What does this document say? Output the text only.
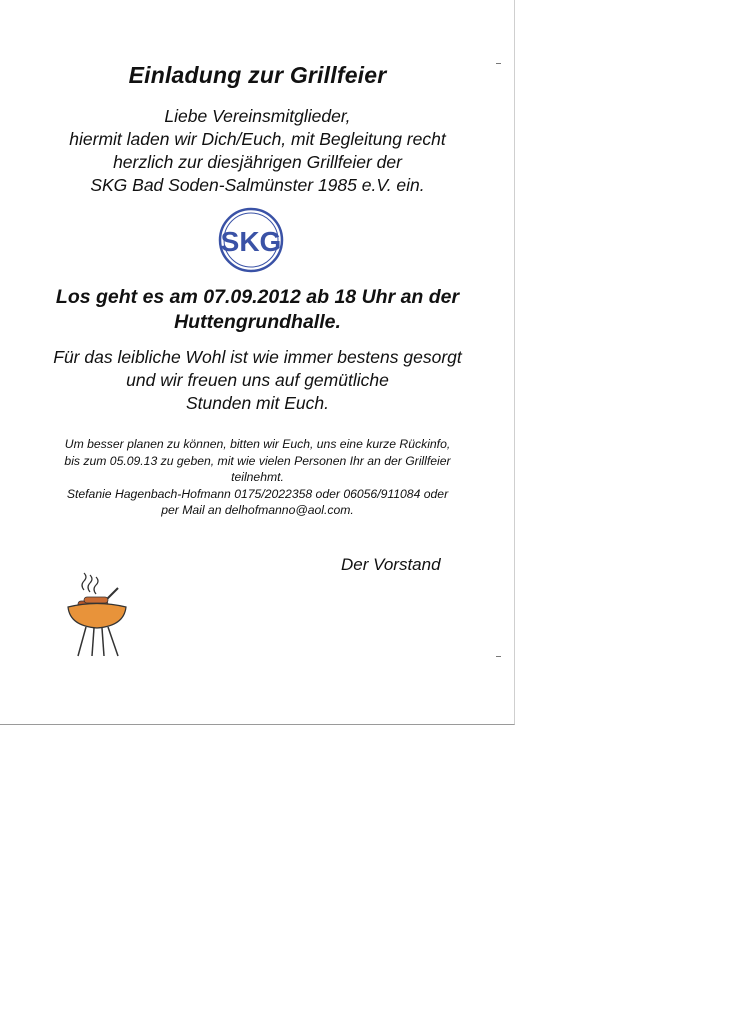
Einladung zur Grillfeier
Liebe Vereinsmitglieder,
hiermit laden wir Dich/Euch, mit Begleitung recht
herzlich zur diesjährigen Grillfeier der
SKG Bad Soden-Salmünster 1985 e.V. ein.
SKG
Los geht es am 07.09.2012 ab 18 Uhr an der
Huttengrundhalle.
Für das leibliche Wohl ist wie immer bestens gesorgt
und wir freuen uns auf gemütliche
Stunden mit Euch.
Um besser planen zu können, bitten wir Euch, uns eine kurze Rückinfo,
bis zum 05.09.13 zu geben, mit wie vielen Personen Ihr an der Grillfeier
teilnehmt.
Stefanie Hagenbach-Hofmann 0175/2022358 oder 06056/911084 oder
per Mail an delhofmanno@aol.com.
Der Vorstand
